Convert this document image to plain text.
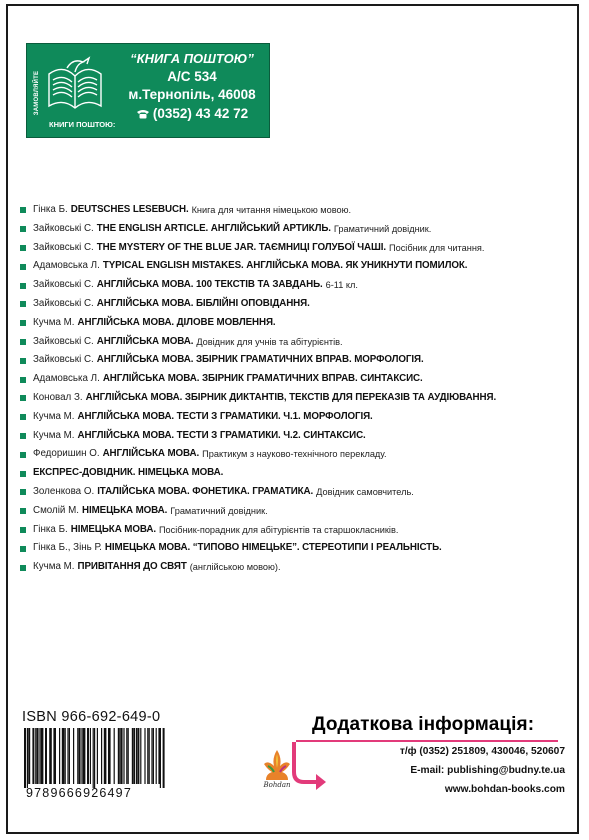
ЗАМОВЛЯЙТЕ
КНИГИ ПОШТОЮ:
“КНИГА ПОШТОЮ”
А/С 534
м.Тернопіль, 46008
(0352) 43 42 72
Гінка Б. DEUTSCHES LESEBUCH. Книга для читання німецькою мовою.
Зайковські С. THE ENGLISH ARTICLE. АНГЛІЙСЬКИЙ АРТИКЛЬ. Граматичний довідник.
Зайковські С. THE MYSTERY OF THE BLUE JAR. ТАЄМНИЦІ ГОЛУБОЇ ЧАШІ. Посібник для читання.
Адамовська Л. TYPICAL ENGLISH MISTAKES. АНГЛІЙСЬКА МОВА. ЯК УНИКНУТИ ПОМИЛОК.
Зайковські С. АНГЛІЙСЬКА МОВА. 100 ТЕКСТІВ ТА ЗАВДАНЬ. 6-11 кл.
Зайковські С. АНГЛІЙСЬКА МОВА. БІБЛІЙНІ ОПОВІДАННЯ.
Кучма М. АНГЛІЙСЬКА МОВА. ДІЛОВЕ МОВЛЕННЯ.
Зайковські С. АНГЛІЙСЬКА МОВА. Довідник для учнів та абітурієнтів.
Зайковські С. АНГЛІЙСЬКА МОВА. ЗБІРНИК ГРАМАТИЧНИХ ВПРАВ. МОРФОЛОГІЯ.
Адамовська Л. АНГЛІЙСЬКА МОВА. ЗБІРНИК ГРАМАТИЧНИХ ВПРАВ. СИНТАКСИС.
Коновал З. АНГЛІЙСЬКА МОВА. ЗБІРНИК ДИКТАНТІВ, ТЕКСТІВ ДЛЯ ПЕРЕКАЗІВ ТА АУДІЮВАННЯ.
Кучма М. АНГЛІЙСЬКА МОВА. ТЕСТИ З ГРАМАТИКИ. Ч.1. МОРФОЛОГІЯ.
Кучма М. АНГЛІЙСЬКА МОВА. ТЕСТИ З ГРАМАТИКИ. Ч.2. СИНТАКСИС.
Федоришин О. АНГЛІЙСЬКА МОВА. Практикум з науково-технічного перекладу.
ЕКСПРЕС-ДОВІДНИК. НІМЕЦЬКА МОВА.
Золенкова О. ІТАЛІЙСЬКА МОВА. ФОНЕТИКА. ГРАМАТИКА. Довідник самовчитель.
Смолій М. НІМЕЦЬКА МОВА. Граматичний довідник.
Гінка Б. НІМЕЦЬКА МОВА. Посібник-порадник для абітурієнтів та старшокласників.
Гінка Б., Зінь Р. НІМЕЦЬКА МОВА. “ТИПОВО НІМЕЦЬКЕ”. СТЕРЕОТИПИ І РЕАЛЬНІСТЬ.
Кучма М. ПРИВІТАННЯ ДО СВЯТ (англійською мовою).
ISBN 966-692-649-0
9789666926497
Bohdan
Додаткова інформація:
т/ф (0352) 251809, 430046, 520607
E-mail: publishing@budny.te.ua
www.bohdan-books.com
